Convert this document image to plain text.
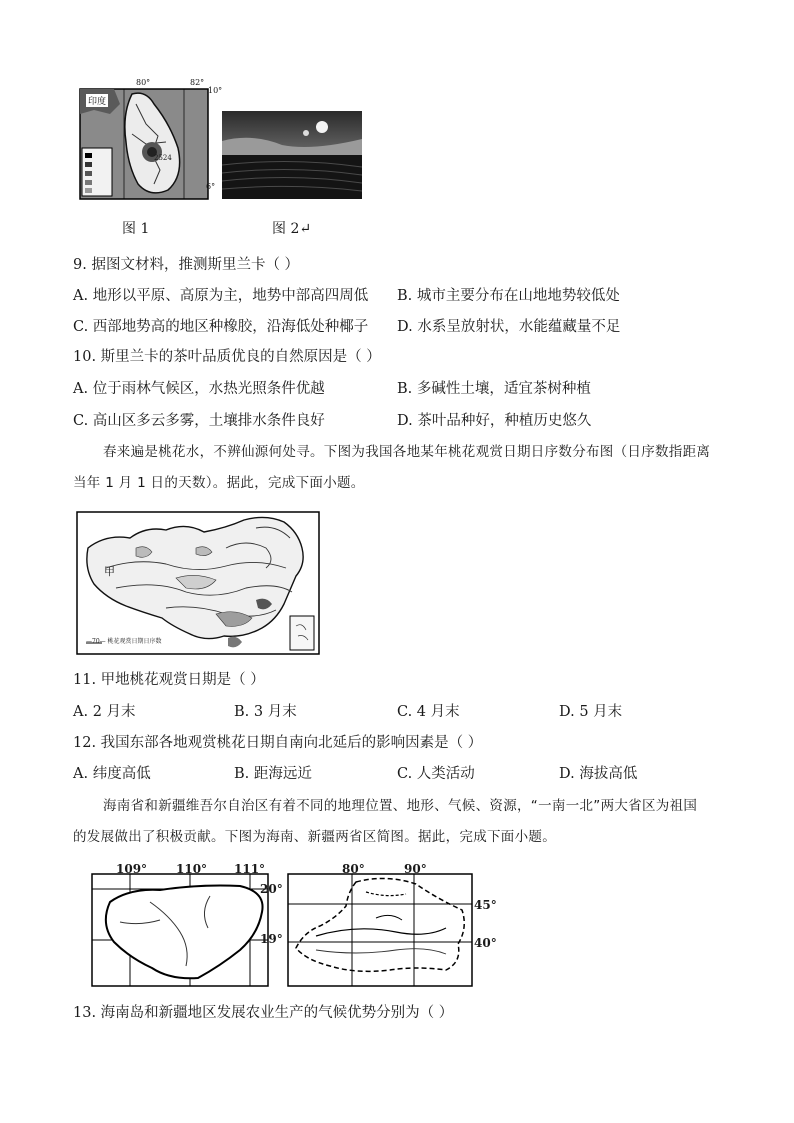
80°	82°
10°
6°
印度
2524
图 1	图 2↵
9. 据图文材料，推测斯里兰卡（ ）
A. 地形以平原、高原为主，地势中部高四周低 B. 城市主要分布在山地地势较低处
C. 西部地势高的地区种橡胶，沿海低处种椰子 D. 水系呈放射状，水能蕴藏量不足
10. 斯里兰卡的茶叶品质优良的自然原因是（ ）
A. 位于雨林气候区，水热光照条件优越	B. 多碱性土壤，适宜茶树种植
C. 高山区多云多雾，土壤排水条件良好	D. 茶叶品种好，种植历史悠久
春来遍是桃花水，不辨仙源何处寻。下图为我国各地某年桃花观赏日期日序数分布图（日序数指距离
当年 1 月 1 日的天数）。据此，完成下面小题。
甲
—70— 桃花观赏日期日序数
11. 甲地桃花观赏日期是（ ）
A. 2 月末	B. 3 月末	C. 4 月末	D. 5 月末
12. 我国东部各地观赏桃花日期自南向北延后的影响因素是（ ）
A. 纬度高低	B. 距海远近	C. 人类活动	D. 海拔高低
海南省和新疆维吾尔自治区有着不同的地理位置、地形、气候、资源，“一南一北”两大省区为祖国
的发展做出了积极贡献。下图为海南、新疆两省区简图。据此，完成下面小题。
109° 110° 111°
20°
19°
80°	90°
45°
40°
13. 海南岛和新疆地区发展农业生产的气候优势分别为（ ）
